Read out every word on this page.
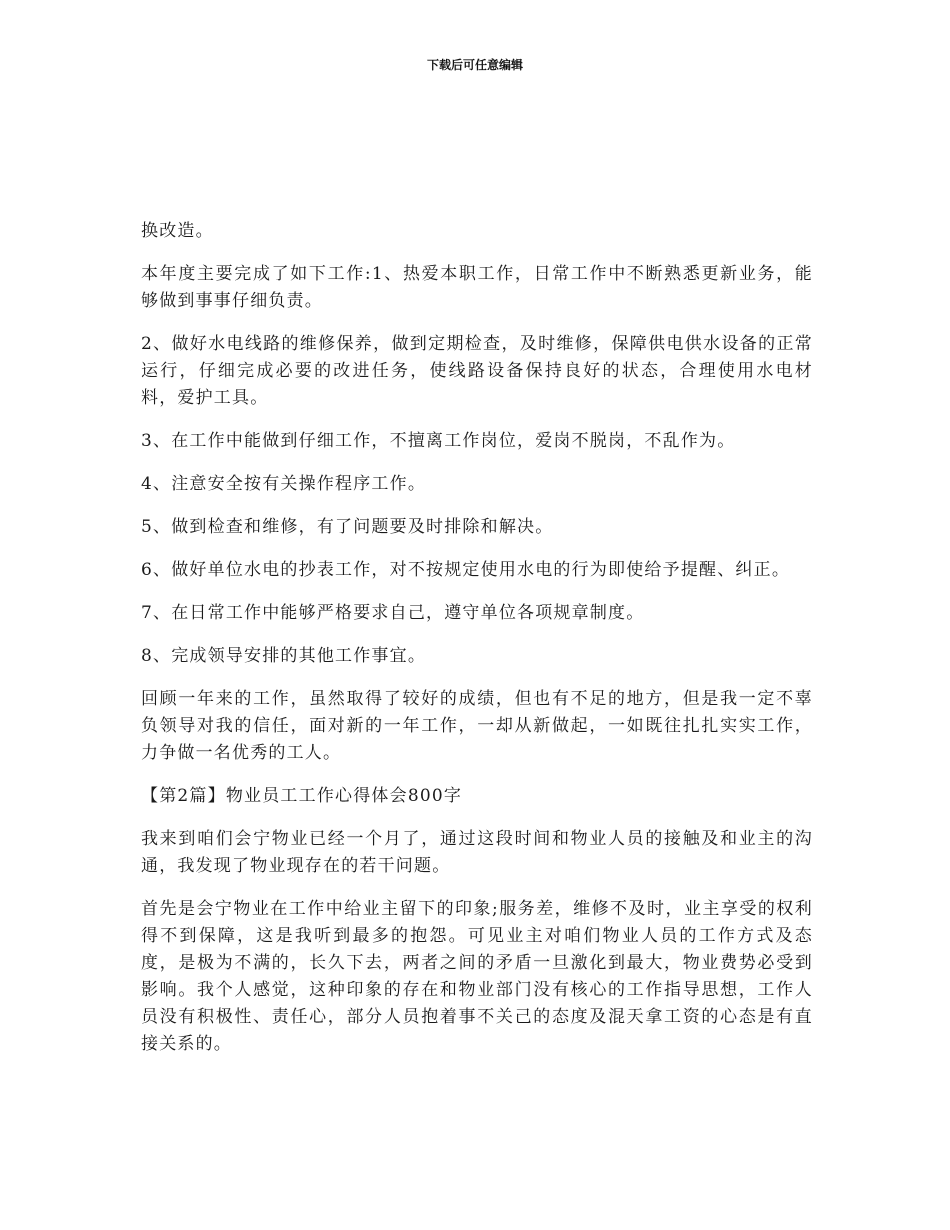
下载后可任意编辑

换改造。

本年度主要完成了如下工作:1、热爱本职工作，日常工作中不断熟悉更新业务，能够做到事事仔细负责。

2、做好水电线路的维修保养，做到定期检查，及时维修，保障供电供水设备的正常运行，仔细完成必要的改进任务，使线路设备保持良好的状态，合理使用水电材料，爱护工具。

3、在工作中能做到仔细工作，不擅离工作岗位，爱岗不脱岗，不乱作为。

4、注意安全按有关操作程序工作。

5、做到检查和维修，有了问题要及时排除和解决。

6、做好单位水电的抄表工作，对不按规定使用水电的行为即使给予提醒、纠正。

7、在日常工作中能够严格要求自己，遵守单位各项规章制度。

8、完成领导安排的其他工作事宜。

回顾一年来的工作，虽然取得了较好的成绩，但也有不足的地方，但是我一定不辜负领导对我的信任，面对新的一年工作，一却从新做起，一如既往扎扎实实工作，力争做一名优秀的工人。

【第2篇】物业员工工作心得体会800字

我来到咱们会宁物业已经一个月了，通过这段时间和物业人员的接触及和业主的沟通，我发现了物业现存在的若干问题。

首先是会宁物业在工作中给业主留下的印象;服务差，维修不及时，业主享受的权利得不到保障，这是我听到最多的抱怨。可见业主对咱们物业人员的工作方式及态度，是极为不满的，长久下去，两者之间的矛盾一旦激化到最大，物业费势必受到影响。我个人感觉，这种印象的存在和物业部门没有核心的工作指导思想，工作人员没有积极性、责任心，部分人员抱着事不关己的态度及混天拿工资的心态是有直接关系的。
